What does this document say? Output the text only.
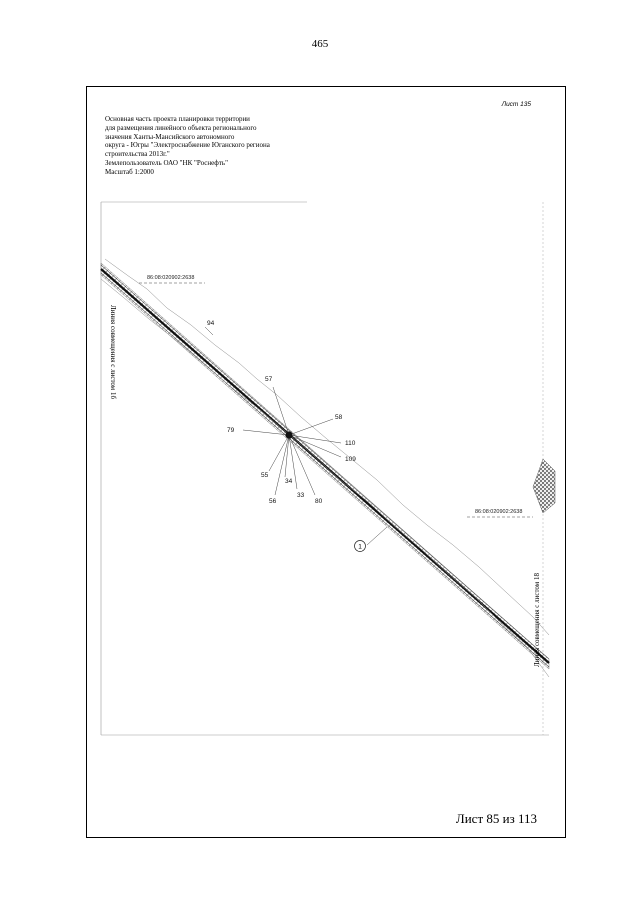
465
Лист 135
Основная часть проекта планировки территории
для размещения линейного объекта регионального
значения Ханты-Мансийского автономного
округа - Югры "Электроснабжение Юганского региона
строительства 2013г."
Землепользователь ОАО "НК "Роснефть"
Масштаб 1:2000
1
86:08:020902:2638
86:08:020902:2638
94
57
58
79
110
109
55
34
33
56	80
Линия совмещения с листом 1б
Линия совмещения с листом 18
Лист 85 из 113
